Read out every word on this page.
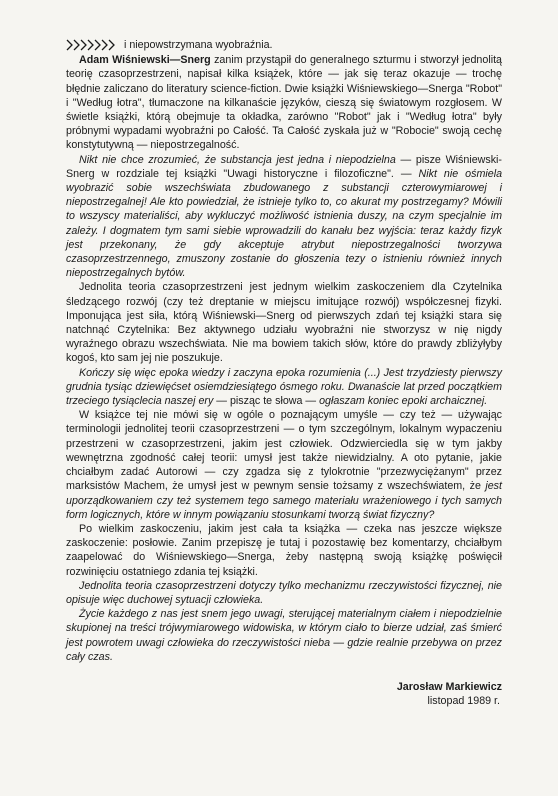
i niepowstrzymana wyobraźnia.

Adam Wiśniewski—Snerg zanim przystąpił do generalnego szturmu i stworzył jednolitą teorię czasoprzestrzeni, napisał kilka książek, które — jak się teraz okazuje — trochę błędnie zaliczano do literatury science-fiction. Dwie książki Wiśniewskiego—Snerga "Robot" i "Według łotra", tłumaczone na kilkanaście języków, cieszą się światowym rozgłosem. W świetle książki, którą obejmuje ta okładka, zarówno "Robot" jak i "Według łotra" były próbnymi wypadami wyobraźni po Całość. Ta Całość zyskała już w "Robocie" swoją cechę konstytutywną — niepostrzegalność.

Nikt nie chce zrozumieć, że substancja jest jedna i niepodzielna — pisze Wiśniewski-Snerg w rozdziale tej książki "Uwagi historyczne i filozoficzne". — Nikt nie ośmiela wyobrazić sobie wszechświata zbudowanego z substancji czterowymiarowej i niepostrzegalnej! Ale kto powiedział, że istnieje tylko to, co akurat my postrzegamy? Mówili to wszyscy materialiści, aby wykluczyć możliwość istnienia duszy, na czym specjalnie im zależy. I dogmatem tym sami siebie wprowadzili do kanału bez wyjścia: teraz każdy fizyk jest przekonany, że gdy akceptuje atrybut niepostrzegalności tworzywa czasoprzestrzennego, zmuszony zostanie do głoszenia tezy o istnieniu również innych niepostrzegalnych bytów.

Jednolita teoria czasoprzestrzeni jest jednym wielkim zaskoczeniem dla Czytelnika śledzącego rozwój (czy też dreptanie w miejscu imitujące rozwój) współczesnej fizyki. Imponująca jest siła, którą Wiśniewski—Snerg od pierwszych zdań tej książki stara się natchnąć Czytelnika: Bez aktywnego udziału wyobraźni nie stworzysz w nię nigdy wyraźnego obrazu wszechświata. Nie ma bowiem takich słów, które do prawdy zbliżyłyby kogoś, kto sam jej nie poszukuje.

Kończy się więc epoka wiedzy i zaczyna epoka rozumienia (...) Jest trzydziesty pierwszy grudnia tysiąc dziewięćset osiemdziesiątego ósmego roku. Dwanaście lat przed początkiem trzeciego tysiąclecia naszej ery — pisząc te słowa — ogłaszam koniec epoki archaicznej.

W książce tej nie mówi się w ogóle o poznającym umyśle — czy też — używając terminologii jednolitej teorii czasoprzestrzeni — o tym szczególnym, lokalnym wypaczeniu przestrzeni w czasoprzestrzeni, jakim jest człowiek. Odzwierciedla się w tym jakby wewnętrzna zgodność całej teorii: umysł jest także niewidzialny. A oto pytanie, jakie chciałbym zadać Autorowi — czy zgadza się z tylokrotnie "przezwyciężanym" przez marksistów Machem, że umysł jest w pewnym sensie tożsamy z wszechświatem, że jest uporządkowaniem czy też systemem tego samego materiału wrażeniowego i tych samych form logicznych, które w innym powiązaniu stosunkami tworzą świat fizyczny?

Po wielkim zaskoczeniu, jakim jest cała ta książka — czeka nas jeszcze większe zaskoczenie: posłowie. Zanim przepiszę je tutaj i pozostawię bez komentarzy, chciałbym zaapelować do Wiśniewskiego—Snerga, żeby następną swoją książkę poświęcił rozwinięciu ostatniego zdania tej książki.

Jednolita teoria czasoprzestrzeni dotyczy tylko mechanizmu rzeczywistości fizycznej, nie opisuje więc duchowej sytuacji człowieka.

Życie każdego z nas jest snem jego uwagi, sterującej materialnym ciałem i niepodzielnie skupionej na treści trójwymiarowego widowiska, w którym ciało to bierze udział, zaś śmierć jest powrotem uwagi człowieka do rzeczywistości nieba — gdzie realnie przebywa on przez cały czas.

Jarosław Markiewicz
listopad 1989 r.
